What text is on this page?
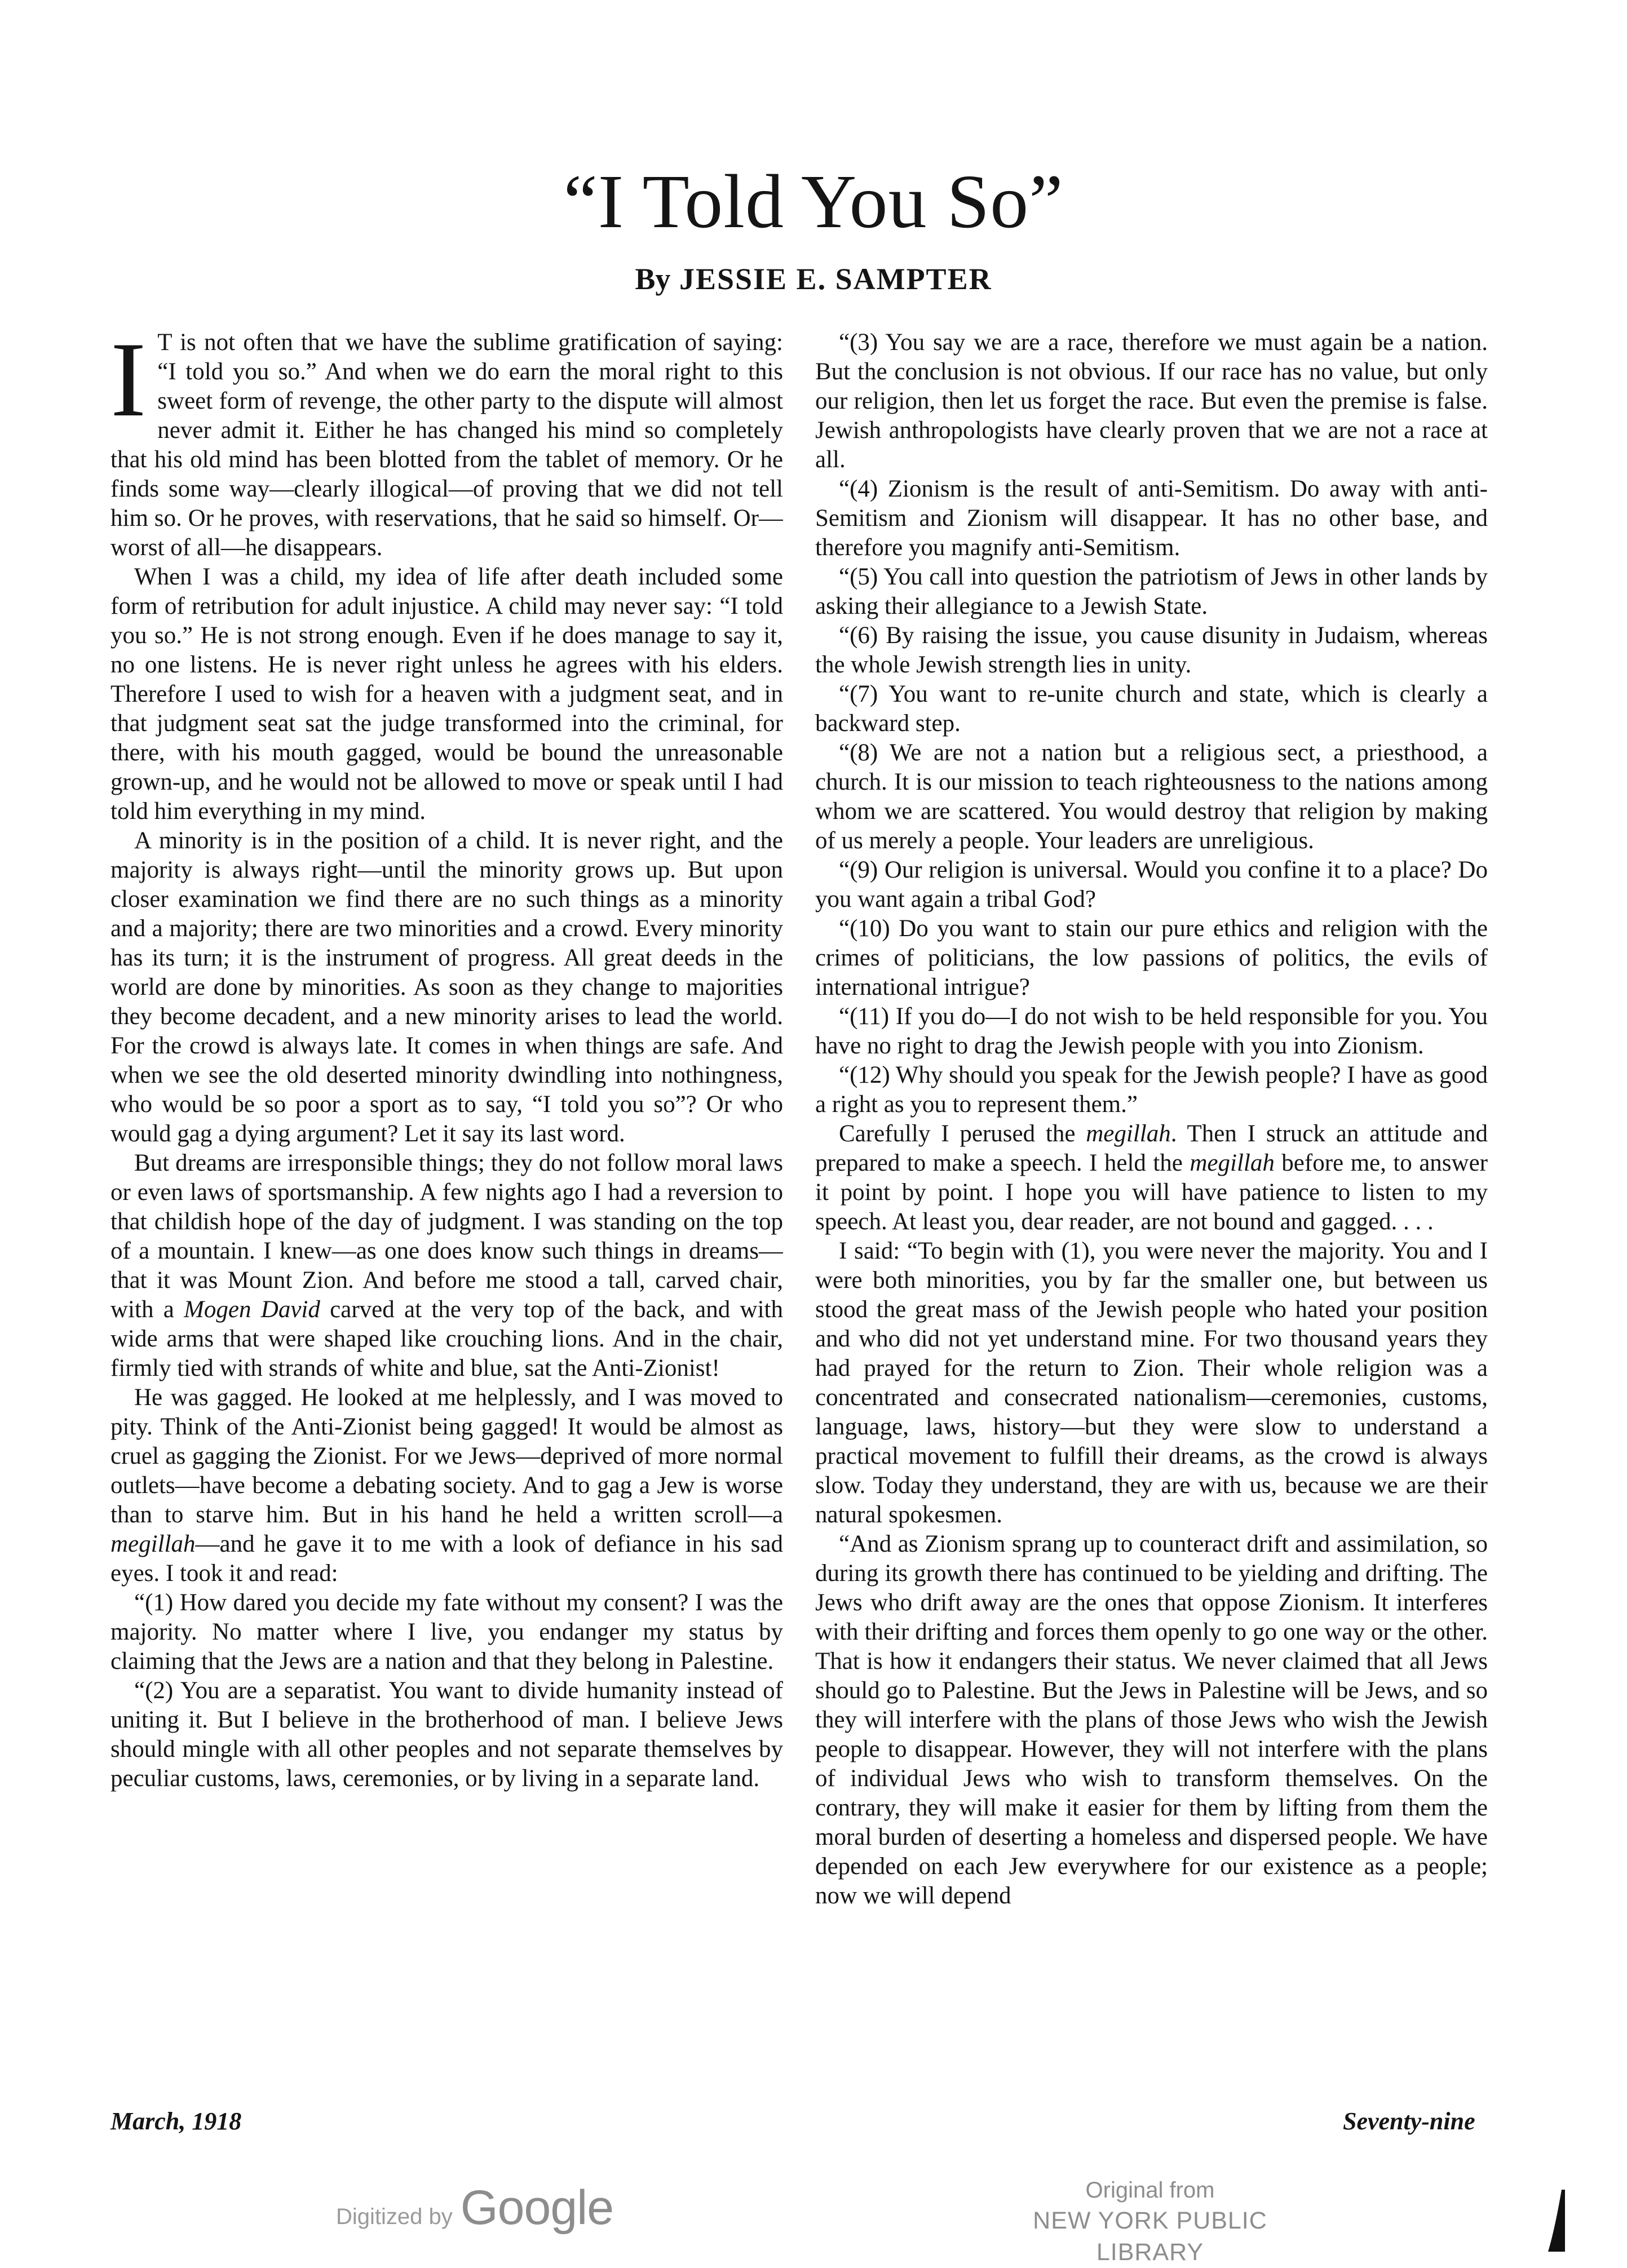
“I Told You So”
By JESSIE E. SAMPTER

I T is not often that we have the sublime gratification of saying: “I told you so.” And when we do earn the moral right to this sweet form of revenge, the other party to the dispute will almost never admit it. Either he has changed his mind so completely that his old mind has been blotted from the tablet of memory. Or he finds some way—clearly illogical—of proving that we did not tell him so. Or he proves, with reservations, that he said so himself. Or—worst of all—he disappears.

When I was a child, my idea of life after death included some form of retribution for adult injustice. A child may never say: “I told you so.” He is not strong enough. Even if he does manage to say it, no one listens. He is never right unless he agrees with his elders. Therefore I used to wish for a heaven with a judgment seat, and in that judgment seat sat the judge transformed into the criminal, for there, with his mouth gagged, would be bound the unreasonable grown-up, and he would not be allowed to move or speak until I had told him everything in my mind.

A minority is in the position of a child. It is never right, and the majority is always right—until the minority grows up. But upon closer examination we find there are no such things as a minority and a majority; there are two minorities and a crowd. Every minority has its turn; it is the instrument of progress. All great deeds in the world are done by minorities. As soon as they change to majorities they become decadent, and a new minority arises to lead the world. For the crowd is always late. It comes in when things are safe. And when we see the old deserted minority dwindling into nothingness, who would be so poor a sport as to say, “I told you so”? Or who would gag a dying argument? Let it say its last word.

But dreams are irresponsible things; they do not follow moral laws or even laws of sportsmanship. A few nights ago I had a reversion to that childish hope of the day of judgment. I was standing on the top of a mountain. I knew—as one does know such things in dreams—that it was Mount Zion. And before me stood a tall, carved chair, with a Mogen David carved at the very top of the back, and with wide arms that were shaped like crouching lions. And in the chair, firmly tied with strands of white and blue, sat the Anti-Zionist!

He was gagged. He looked at me helplessly, and I was moved to pity. Think of the Anti-Zionist being gagged! It would be almost as cruel as gagging the Zionist. For we Jews—deprived of more normal outlets—have become a debating society. And to gag a Jew is worse than to starve him. But in his hand he held a written scroll—a megillah—and he gave it to me with a look of defiance in his sad eyes. I took it and read:

“(1) How dared you decide my fate without my consent? I was the majority. No matter where I live, you endanger my status by claiming that the Jews are a nation and that they belong in Palestine.

“(2) You are a separatist. You want to divide humanity instead of uniting it. But I believe in the brotherhood of man. I believe Jews should mingle with all other peoples and not separate themselves by peculiar customs, laws, ceremonies, or by living in a separate land.

“(3) You say we are a race, therefore we must again be a nation. But the conclusion is not obvious. If our race has no value, but only our religion, then let us forget the race. But even the premise is false. Jewish anthropologists have clearly proven that we are not a race at all.

“(4) Zionism is the result of anti-Semitism. Do away with anti-Semitism and Zionism will disappear. It has no other base, and therefore you magnify anti-Semitism.

“(5) You call into question the patriotism of Jews in other lands by asking their allegiance to a Jewish State.

“(6) By raising the issue, you cause disunity in Judaism, whereas the whole Jewish strength lies in unity.

“(7) You want to re-unite church and state, which is clearly a backward step.

“(8) We are not a nation but a religious sect, a priesthood, a church. It is our mission to teach righteousness to the nations among whom we are scattered. You would destroy that religion by making of us merely a people. Your leaders are unreligious.

“(9) Our religion is universal. Would you confine it to a place? Do you want again a tribal God?

“(10) Do you want to stain our pure ethics and religion with the crimes of politicians, the low passions of politics, the evils of international intrigue?

“(11) If you do—I do not wish to be held responsible for you. You have no right to drag the Jewish people with you into Zionism.

“(12) Why should you speak for the Jewish people? I have as good a right as you to represent them.”

Carefully I perused the megillah. Then I struck an attitude and prepared to make a speech. I held the megillah before me, to answer it point by point. I hope you will have patience to listen to my speech. At least you, dear reader, are not bound and gagged. . . .

I said: “To begin with (1), you were never the majority. You and I were both minorities, you by far the smaller one, but between us stood the great mass of the Jewish people who hated your position and who did not yet understand mine. For two thousand years they had prayed for the return to Zion. Their whole religion was a concentrated and consecrated nationalism—ceremonies, customs, language, laws, history—but they were slow to understand a practical movement to fulfill their dreams, as the crowd is always slow. Today they understand, they are with us, because we are their natural spokesmen.

“And as Zionism sprang up to counteract drift and assimilation, so during its growth there has continued to be yielding and drifting. The Jews who drift away are the ones that oppose Zionism. It interferes with their drifting and forces them openly to go one way or the other. That is how it endangers their status. We never claimed that all Jews should go to Palestine. But the Jews in Palestine will be Jews, and so they will interfere with the plans of those Jews who wish the Jewish people to disappear. However, they will not interfere with the plans of individual Jews who wish to transform themselves. On the contrary, they will make it easier for them by lifting from them the moral burden of deserting a homeless and dispersed people. We have depended on each Jew everywhere for our existence as a people; now we will depend

March, 1918	Seventy-nine
Digitized by Google	Original from
NEW YORK PUBLIC LIBRARY
